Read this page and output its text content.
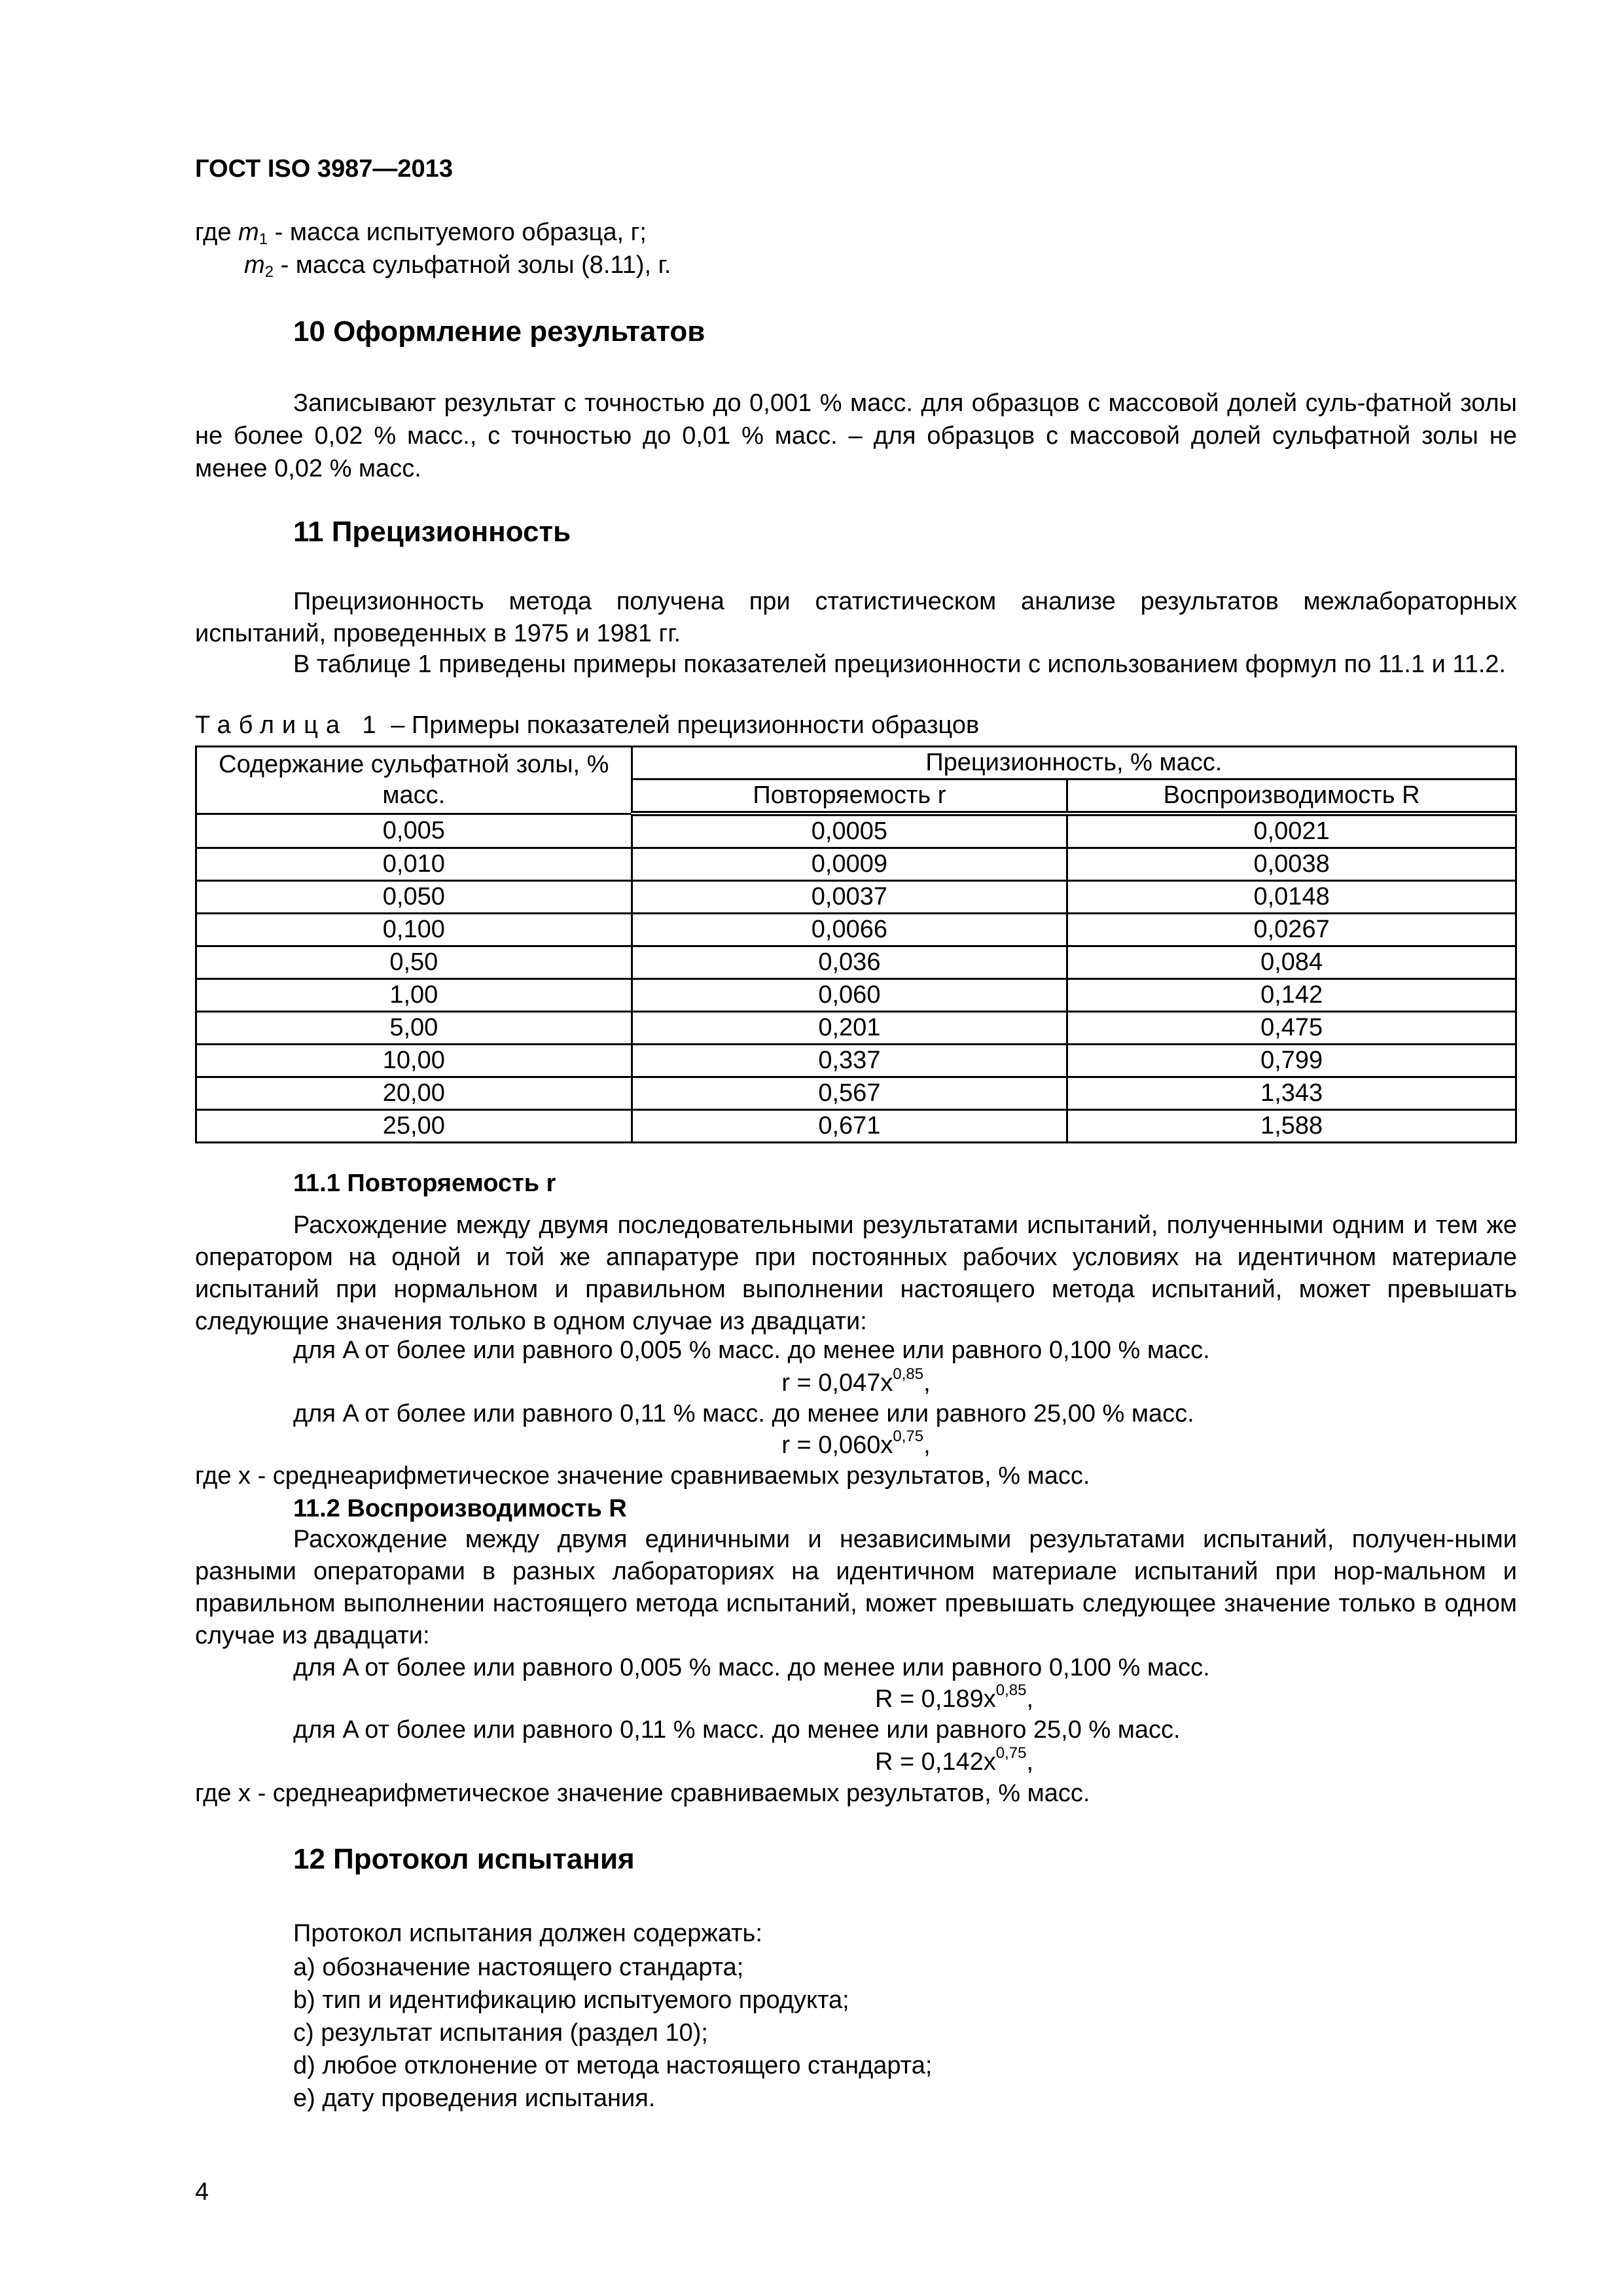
ГОСТ ISO 3987—2013
где $m_1$ - масса испытуемого образца, г;
$m_2$ - масса сульфатной золы (8.11), г.
10 Оформление результатов
Записывают результат с точностью до 0,001 % масс. для образцов с массовой долей суль-фатной золы не более 0,02 % масс., с точностью до 0,01 % масс. – для образцов с массовой долей сульфатной золы не менее 0,02 % масс.
11 Прецизионность
Прецизионность метода получена при статистическом анализе результатов межлабораторных испытаний, проведенных в 1975 и 1981 гг.
В таблице 1 приведены примеры показателей прецизионности с использованием формул по 11.1 и 11.2.
Таблица 1 – Примеры показателей прецизионности образцов
Содержание сульфатной золы, % масс.	Прецизионность, % масс.	
	Повторяемость r	Воспроизводимость R
0,005	0,0005	0,0021
0,010	0,0009	0,0038
0,050	0,0037	0,0148
0,100	0,0066	0,0267
0,50	0,036	0,084
1,00	0,060	0,142
5,00	0,201	0,475
10,00	0,337	0,799
20,00	0,567	1,343
25,00	0,671	1,588
11.1 Повторяемость r
Расхождение между двумя последовательными результатами испытаний, полученными одним и тем же оператором на одной и той же аппаратуре при постоянных рабочих условиях на идентичном материале испытаний при нормальном и правильном выполнении настоящего метода испытаний, может превышать следующие значения только в одном случае из двадцати:
для A от более или равного 0,005 % масс. до менее или равного 0,100 % масс.
$r = 0,047x^{0,85}$,
для A от более или равного 0,11 % масс. до менее или равного 25,00 % масс.
$r = 0,060x^{0,75}$,
где x - среднеарифметическое значение сравниваемых результатов, % масс.
11.2 Воспроизводимость R
Расхождение между двумя единичными и независимыми результатами испытаний, получен-ными разными операторами в разных лабораториях на идентичном материале испытаний при нор-мальном и правильном выполнении настоящего метода испытаний, может превышать следующее значение только в одном случае из двадцати:
для A от более или равного 0,005 % масс. до менее или равного 0,100 % масс.
$R = 0,189x^{0,85}$,
для A от более или равного 0,11 % масс. до менее или равного 25,0 % масс.
$R = 0,142x^{0,75}$,
где x - среднеарифметическое значение сравниваемых результатов, % масс.
12 Протокол испытания
Протокол испытания должен содержать:
a) обозначение настоящего стандарта;
b) тип и идентификацию испытуемого продукта;
c) результат испытания (раздел 10);
d) любое отклонение от метода настоящего стандарта;
e) дату проведения испытания.
4
